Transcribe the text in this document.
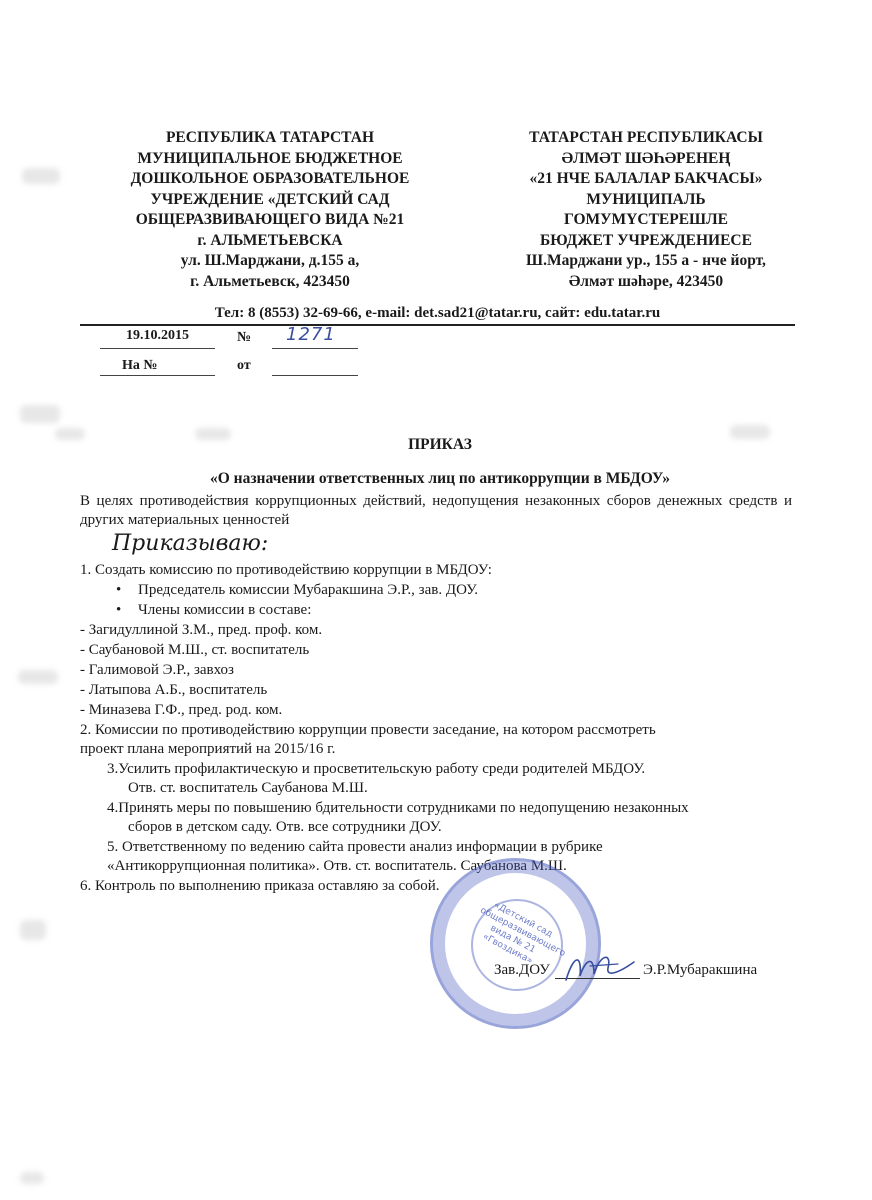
РЕСПУБЛИКА ТАТАРСТАН
МУНИЦИПАЛЬНОЕ БЮДЖЕТНОЕ
ДОШКОЛЬНОЕ ОБРАЗОВАТЕЛЬНОЕ
УЧРЕЖДЕНИЕ «ДЕТСКИЙ САД
ОБЩЕРАЗВИВАЮЩЕГО ВИДА №21
г. АЛЬМЕТЬЕВСКА
ул. Ш.Марджани, д.155 а,
г. Альметьевск, 423450
ТАТАРСТАН РЕСПУБЛИКАСЫ
ӘЛМӘТ ШӘҺӘРЕНЕҢ
«21 НЧЕ БАЛАЛАР БАКЧАСЫ»
МУНИЦИПАЛЬ
ГОМУМҮСТЕРЕШЛЕ
БЮДЖЕТ УЧРЕЖДЕНИЕСЕ
Ш.Марджани ур., 155 а - нче йорт,
Әлмәт шәһәре, 423450
Тел: 8 (8553) 32-69-66, e-mail: det.sad21@tatar.ru, сайт: edu.tatar.ru
19.10.2015	№ 1271
На №	от
ПРИКАЗ
«О назначении ответственных лиц по антикоррупции в МБДОУ»
В целях противодействия коррупционных действий, недопущения незаконных сборов денежных средств и других материальных ценностей
Приказываю:
1. Создать комиссию по противодействию коррупции в МБДОУ:
• Председатель комиссии Мубаракшина Э.Р., зав. ДОУ.
• Члены комиссии в составе:
- Загидуллиной З.М., пред. проф. ком.
- Саубановой М.Ш., ст. воспитатель
- Галимовой Э.Р., завхоз
- Латыпова А.Б., воспитатель
- Миназева Г.Ф., пред. род. ком.
2. Комиссии по противодействию коррупции провести заседание, на котором рассмотреть
проект плана мероприятий на 2015/16 г.
3.Усилить профилактическую и просветительскую работу среди родителей МБДОУ.
Отв. ст. воспитатель Саубанова М.Ш.
4.Принять меры по повышению бдительности сотрудниками по недопущению незаконных
сборов в детском саду. Отв. все сотрудники ДОУ.
5. Ответственному по ведению сайта провести анализ информации в рубрике
«Антикоррупционная политика». Отв. ст. воспитатель. Саубанова М.Ш.
6. Контроль по выполнению приказа оставляю за собой.
«Детский сад общеразвивающего вида № 21 «Гвоздика»
Зав.ДОУ	Э.Р.Мубаракшина
